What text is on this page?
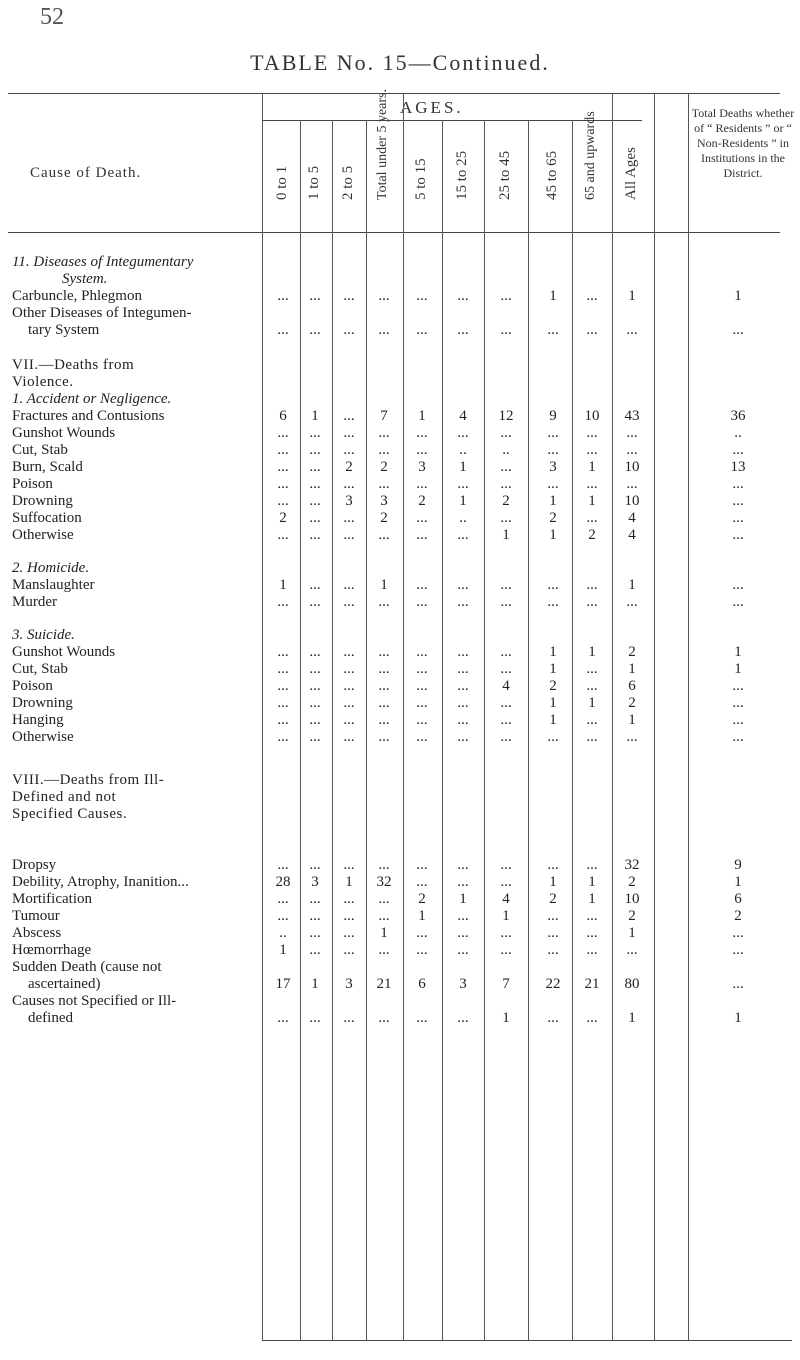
52
TABLE No. 15—Continued.
AGES.
Cause of Death.
Total Deaths whether of “ Residents ” or “ Non-Residents ” in Institutions in the District.
0 to 1 1 to 5 2 to 5 Total under 5 years. 5 to 15 15 to 25 25 to 45 45 to 65 65 and upwards All Ages
11. Diseases of Integumentary
System.
Carbuncle, Phlegmon	...	...	...	...	...	...	...	1	...	1	1
Other Diseases of Integumen-
tary System	...	...	...	...	...	...	...	...	...	...	...
VII.—Deaths from
Violence.
1. Accident or Negligence.
Fractures and Contusions	6	1	...	7	1	4	12	9	10	43	36
Gunshot Wounds	...	...	...	...	...	...	...	...	...	...	..
Cut, Stab	...	...	...	...	...	..	..	...	...	...	...
Burn, Scald	...	...	2	2	3	1	...	3	1	10	13
Poison	...	...	...	...	...	...	...	...	...	...	...
Drowning	...	...	3	3	2	1	2	1	1	10	...
Suffocation	2	...	...	2	...	..	...	2	...	4	...
Otherwise	...	...	...	...	...	...	1	1	2	4	...
2. Homicide.
Manslaughter	1	...	...	1	...	...	...	...	...	1	...
Murder	...	...	...	...	...	...	...	...	...	...	...
3. Suicide.
Gunshot Wounds	...	...	...	...	...	...	...	1	1	2	1
Cut, Stab	...	...	...	...	...	...	...	1	...	1	1
Poison	...	...	...	...	...	...	4	2	...	6	...
Drowning	...	...	...	...	...	...	...	1	1	2	...
Hanging	...	...	...	...	...	...	...	1	...	1	...
Otherwise	...	...	...	...	...	...	...	...	...	...	...
VIII.—Deaths from Ill-
Defined and not
Specified Causes.
Dropsy	...	...	...	...	...	...	...	...	...	32	9
Debility, Atrophy, Inanition...	28	3	1	32	...	...	...	1	1	2	1
Mortification	...	...	...	...	2	1	4	2	1	10	6
Tumour	...	...	...	...	1	...	1	...	...	2	2
Abscess	..	...	...	1	...	...	...	...	...	1	...
Hœmorrhage	1	...	...	...	...	...	...	...	...	...	...
Sudden Death (cause not
ascertained)	17	1	3	21	6	3	7	22	21	80	...
Causes not Specified or Ill-
defined	...	...	...	...	...	...	1	...	...	1	1
